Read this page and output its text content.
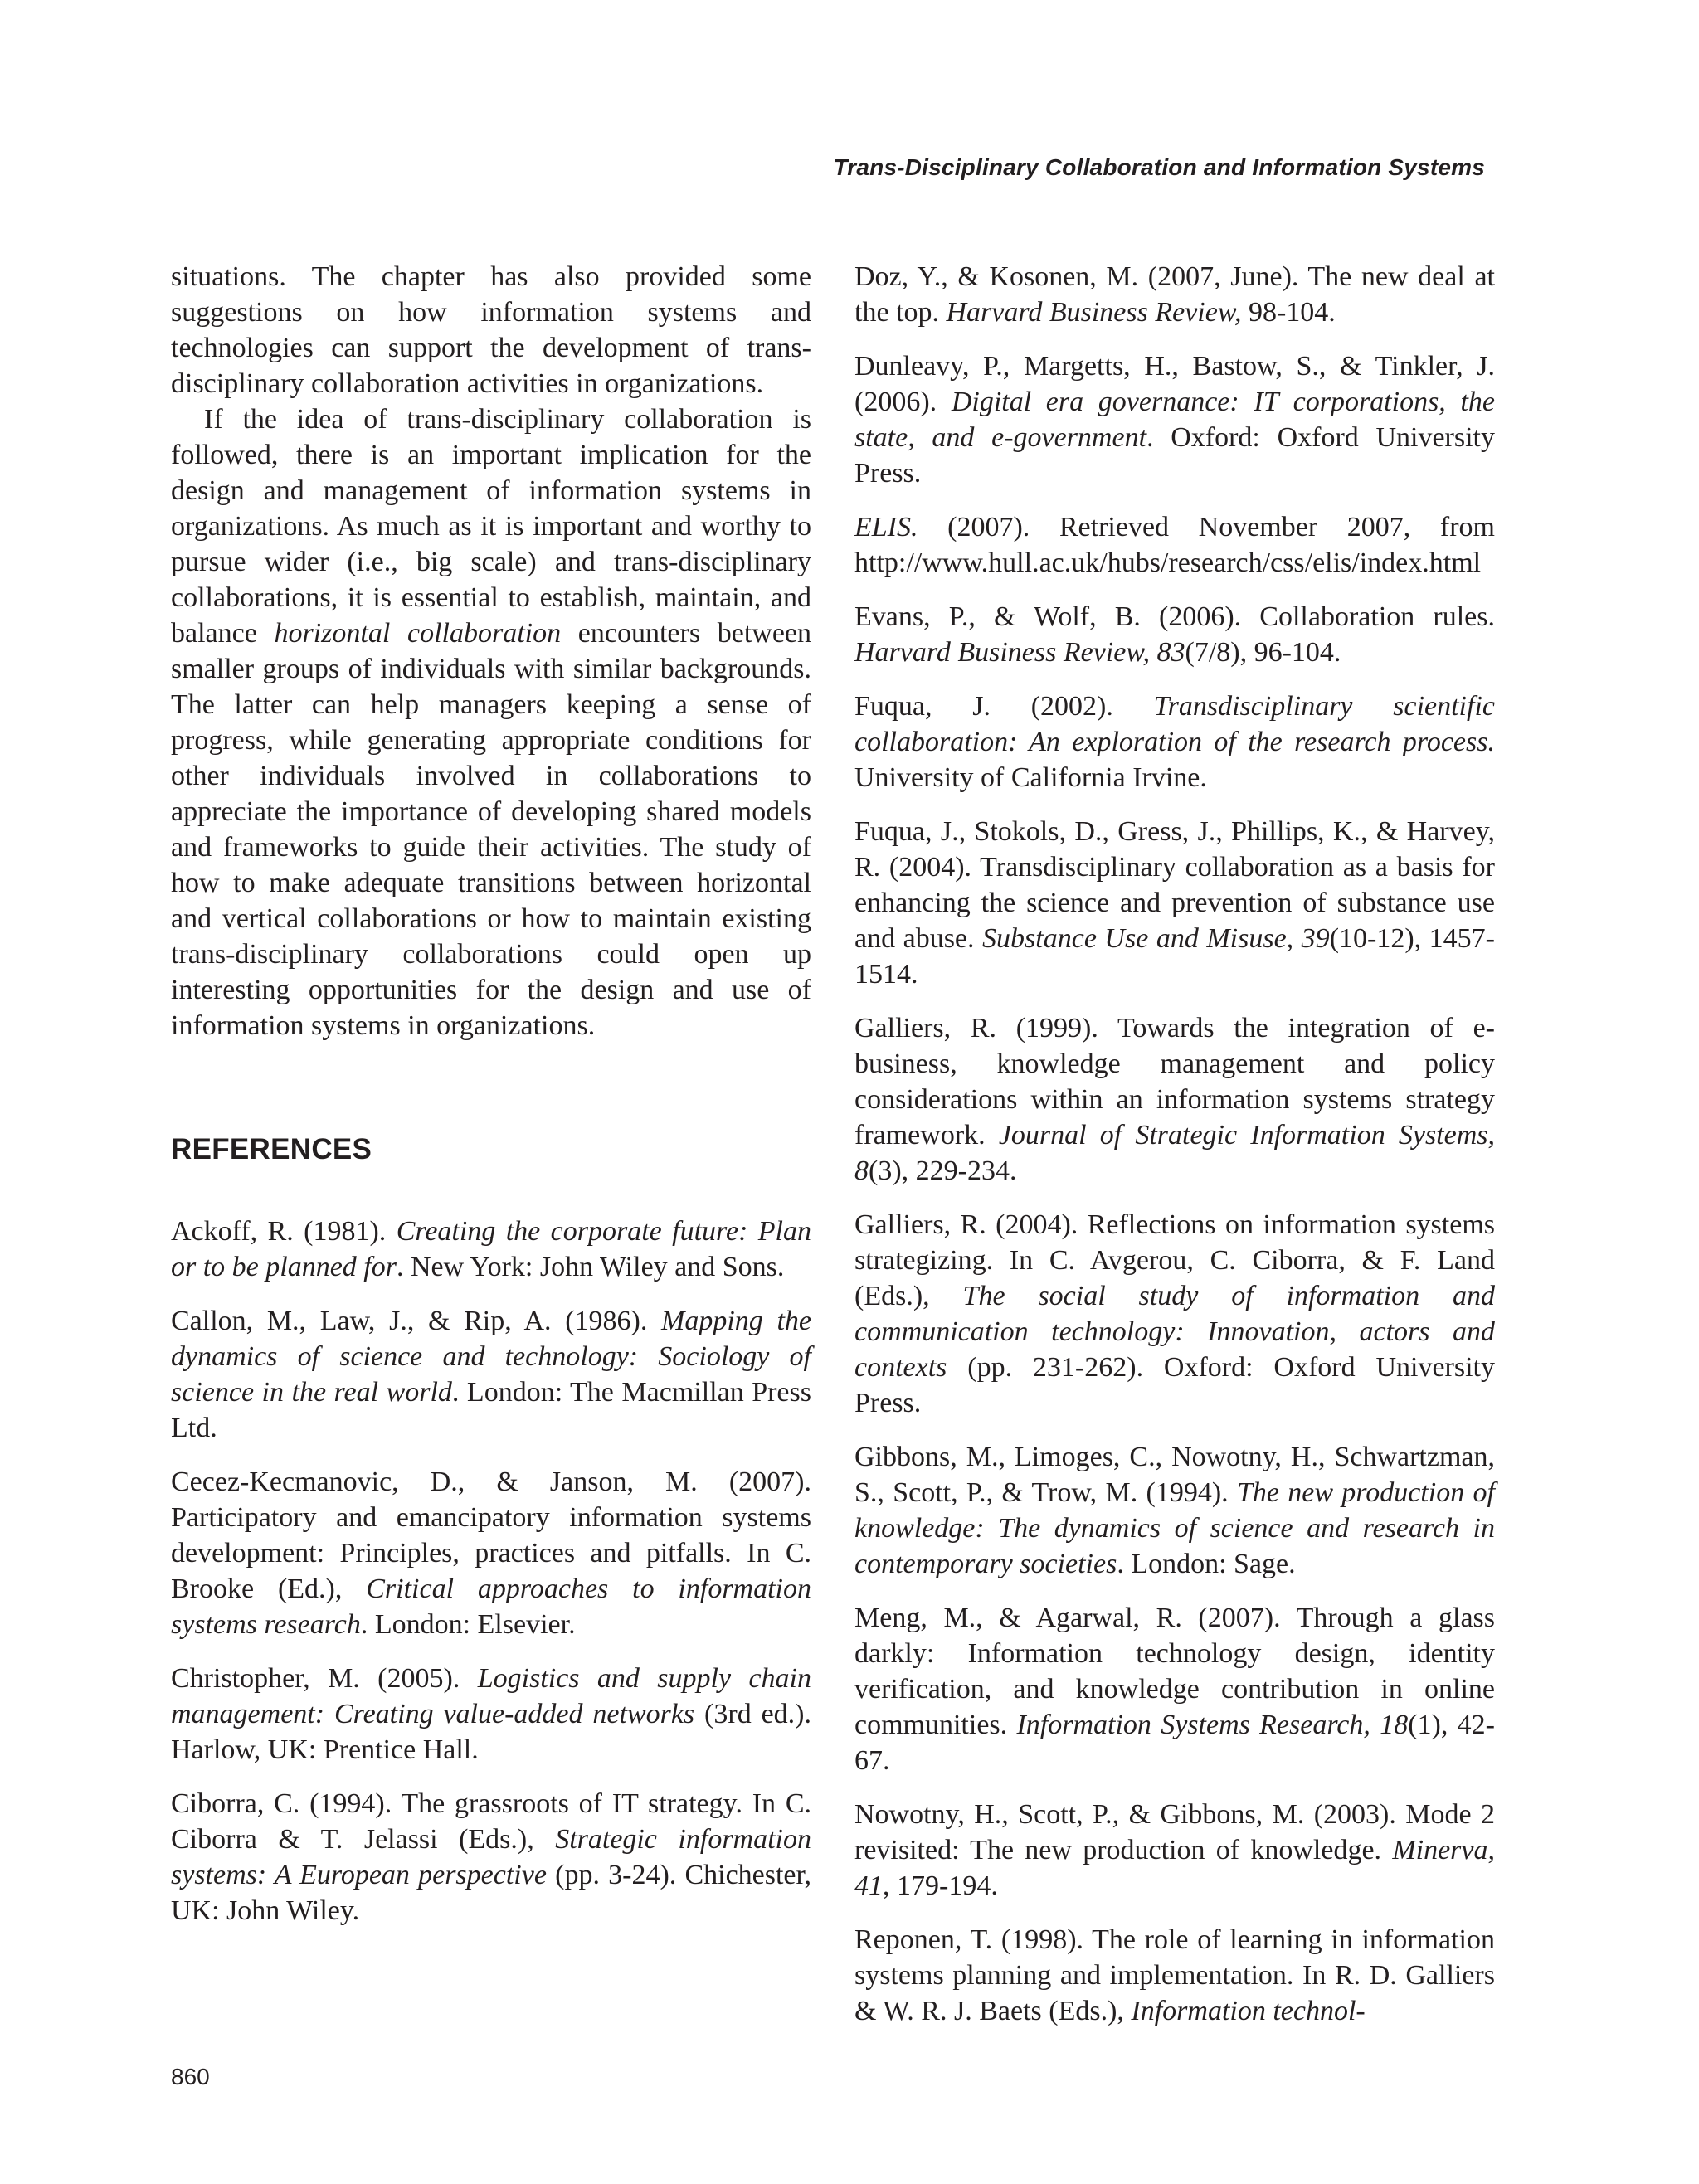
Trans-Disciplinary Collaboration and Information Systems

situations. The chapter has also provided some suggestions on how information systems and technologies can support the development of trans-disciplinary collaboration activities in organizations.

If the idea of trans-disciplinary collaboration is followed, there is an important implication for the design and management of information systems in organizations. As much as it is important and worthy to pursue wider (i.e., big scale) and trans-disciplinary collaborations, it is essential to establish, maintain, and balance horizontal collaboration encounters between smaller groups of individuals with similar backgrounds. The latter can help managers keeping a sense of progress, while generating appropriate conditions for other individuals involved in collaborations to appreciate the importance of developing shared models and frameworks to guide their activities. The study of how to make adequate transitions between horizontal and vertical collaborations or how to maintain existing trans-disciplinary collaborations could open up interesting opportunities for the design and use of information systems in organizations.

REFERENCES

Ackoff, R. (1981). Creating the corporate future: Plan or to be planned for. New York: John Wiley and Sons.

Callon, M., Law, J., & Rip, A. (1986). Mapping the dynamics of science and technology: Sociology of science in the real world. London: The Macmillan Press Ltd.

Cecez-Kecmanovic, D., & Janson, M. (2007). Participatory and emancipatory information systems development: Principles, practices and pitfalls. In C. Brooke (Ed.), Critical approaches to information systems research. London: Elsevier.

Christopher, M. (2005). Logistics and supply chain management: Creating value-added networks (3rd ed.). Harlow, UK: Prentice Hall.

Ciborra, C. (1994). The grassroots of IT strategy. In C. Ciborra & T. Jelassi (Eds.), Strategic information systems: A European perspective (pp. 3-24). Chichester, UK: John Wiley.

Doz, Y., & Kosonen, M. (2007, June). The new deal at the top. Harvard Business Review, 98-104.

Dunleavy, P., Margetts, H., Bastow, S., & Tinkler, J. (2006). Digital era governance: IT corporations, the state, and e-government. Oxford: Oxford University Press.

ELIS. (2007). Retrieved November 2007, from http://www.hull.ac.uk/hubs/research/css/elis/index.html

Evans, P., & Wolf, B. (2006). Collaboration rules. Harvard Business Review, 83(7/8), 96-104.

Fuqua, J. (2002). Transdisciplinary scientific collaboration: An exploration of the research process. University of California Irvine.

Fuqua, J., Stokols, D., Gress, J., Phillips, K., & Harvey, R. (2004). Transdisciplinary collaboration as a basis for enhancing the science and prevention of substance use and abuse. Substance Use and Misuse, 39(10-12), 1457-1514.

Galliers, R. (1999). Towards the integration of e-business, knowledge management and policy considerations within an information systems strategy framework. Journal of Strategic Information Systems, 8(3), 229-234.

Galliers, R. (2004). Reflections on information systems strategizing. In C. Avgerou, C. Ciborra, & F. Land (Eds.), The social study of information and communication technology: Innovation, actors and contexts (pp. 231-262). Oxford: Oxford University Press.

Gibbons, M., Limoges, C., Nowotny, H., Schwartzman, S., Scott, P., & Trow, M. (1994). The new production of knowledge: The dynamics of science and research in contemporary societies. London: Sage.

Meng, M., & Agarwal, R. (2007). Through a glass darkly: Information technology design, identity verification, and knowledge contribution in online communities. Information Systems Research, 18(1), 42-67.

Nowotny, H., Scott, P., & Gibbons, M. (2003). Mode 2 revisited: The new production of knowledge. Minerva, 41, 179-194.

Reponen, T. (1998). The role of learning in information systems planning and implementation. In R. D. Galliers & W. R. J. Baets (Eds.), Information technol-

860
